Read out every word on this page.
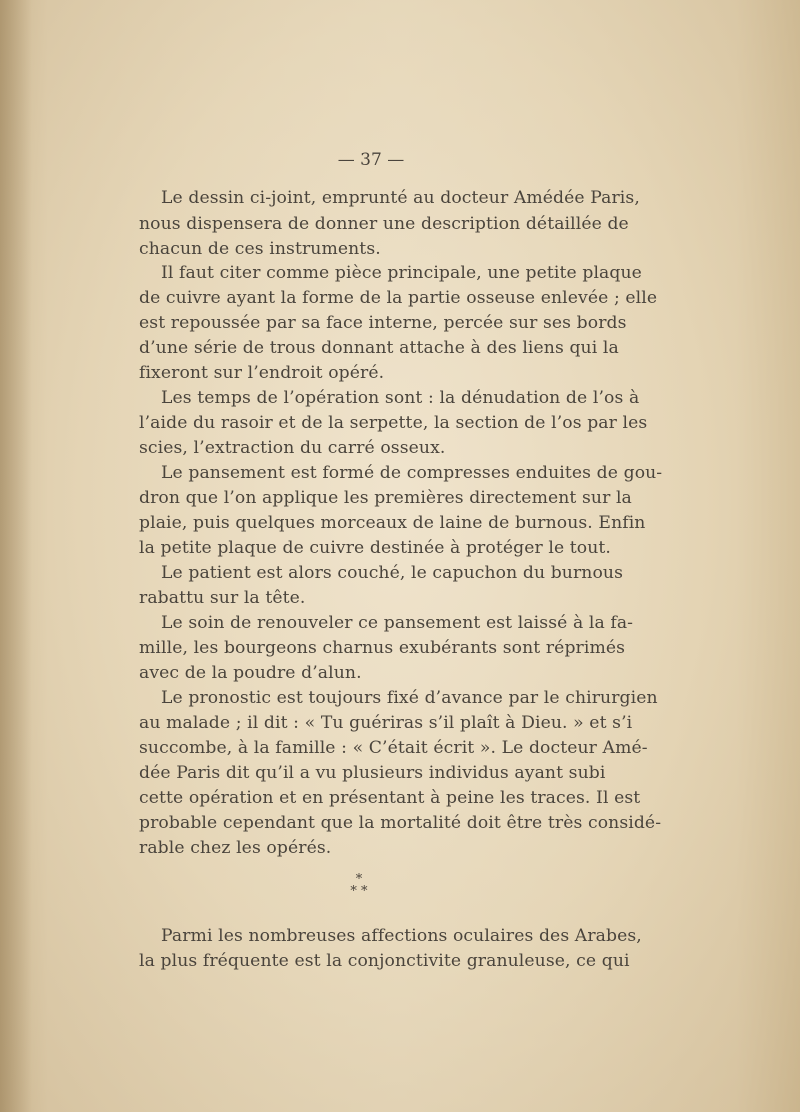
— 37 —
Le dessin ci-joint, emprunté au docteur Amédée Paris,
nous dispensera de donner une description détaillée de
chacun de ces instruments.
Il faut citer comme pièce principale, une petite plaque
de cuivre ayant la forme de la partie osseuse enlevée ; elle
est repoussée par sa face interne, percée sur ses bords
d’une série de trous donnant attache à des liens qui la
fixeront sur l’endroit opéré.
Les temps de l’opération sont : la dénudation de l’os à
l’aide du rasoir et de la serpette, la section de l’os par les
scies, l’extraction du carré osseux.
Le pansement est formé de compresses enduites de gou-
dron que l’on applique les premières directement sur la
plaie, puis quelques morceaux de laine de burnous. Enfin
la petite plaque de cuivre destinée à protéger le tout.
Le patient est alors couché, le capuchon du burnous
rabattu sur la tête.
Le soin de renouveler ce pansement est laissé à la fa-
mille, les bourgeons charnus exubérants sont réprimés
avec de la poudre d’alun.
Le pronostic est toujours fixé d’avance par le chirurgien
au malade ; il dit : « Tu guériras s’il plaît à Dieu. » et s’i
succombe, à la famille : « C’était écrit ». Le docteur Amé-
dée Paris dit qu’il a vu plusieurs individus ayant subi
cette opération et en présentant à peine les traces. Il est
probable cependant que la mortalité doit être très considé-
rable chez les opérés.
Parmi les nombreuses affections oculaires des Arabes,
la plus fréquente est la conjonctivite granuleuse, ce qui
*
* *
